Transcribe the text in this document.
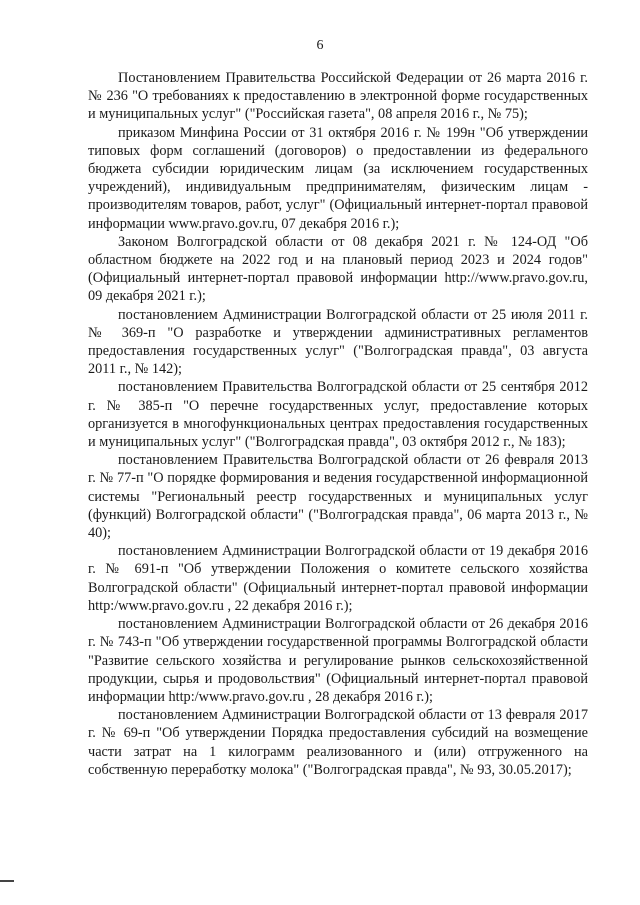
6

Постановлением Правительства Российской Федерации от 26 марта 2016 г. № 236 "О требованиях к предоставлению в электронной форме государственных и муниципальных услуг" ("Российская газета", 08 апреля 2016 г., № 75);

приказом Минфина России от 31 октября 2016 г. № 199н "Об утверждении типовых форм соглашений (договоров) о предоставлении из федерального бюджета субсидии юридическим лицам (за исключением государственных учреждений), индивидуальным предпринимателям, физическим лицам - производителям товаров, работ, услуг" (Официальный интернет-портал правовой информации www.pravo.gov.ru, 07 декабря 2016 г.);

Законом Волгоградской области от 08 декабря 2021 г. № 124-ОД "Об областном бюджете на 2022 год и на плановый период 2023 и 2024 годов" (Официальный интернет-портал правовой информации http://www.pravo.gov.ru, 09 декабря 2021 г.);

постановлением Администрации Волгоградской области от 25 июля 2011 г. № 369-п "О разработке и утверждении административных регламентов предоставления государственных услуг" ("Волгоградская правда", 03 августа 2011 г., № 142);

постановлением Правительства Волгоградской области от 25 сентября 2012 г. № 385-п "О перечне государственных услуг, предоставление которых организуется в многофункциональных центрах предоставления государственных и муниципальных услуг" ("Волгоградская правда", 03 октября 2012 г., № 183);

постановлением Правительства Волгоградской области от 26 февраля 2013 г. № 77-п "О порядке формирования и ведения государственной информационной системы "Региональный реестр государственных и муниципальных услуг (функций) Волгоградской области" ("Волгоградская правда", 06 марта 2013 г., № 40);

постановлением Администрации Волгоградской области от 19 декабря 2016 г. № 691-п "Об утверждении Положения о комитете сельского хозяйства Волгоградской области" (Официальный интернет-портал правовой информации http:/www.pravo.gov.ru , 22 декабря 2016 г.);

постановлением Администрации Волгоградской области от 26 декабря 2016 г. № 743-п "Об утверждении государственной программы Волгоградской области "Развитие сельского хозяйства и регулирование рынков сельскохозяйственной продукции, сырья и продовольствия" (Официальный интернет-портал правовой информации http:/www.pravo.gov.ru , 28 декабря 2016 г.);

постановлением Администрации Волгоградской области от 13 февраля 2017 г. № 69-п "Об утверждении Порядка предоставления субсидий на возмещение части затрат на 1 килограмм реализованного и (или) отгруженного на собственную переработку молока" ("Волгоградская правда", № 93, 30.05.2017);
